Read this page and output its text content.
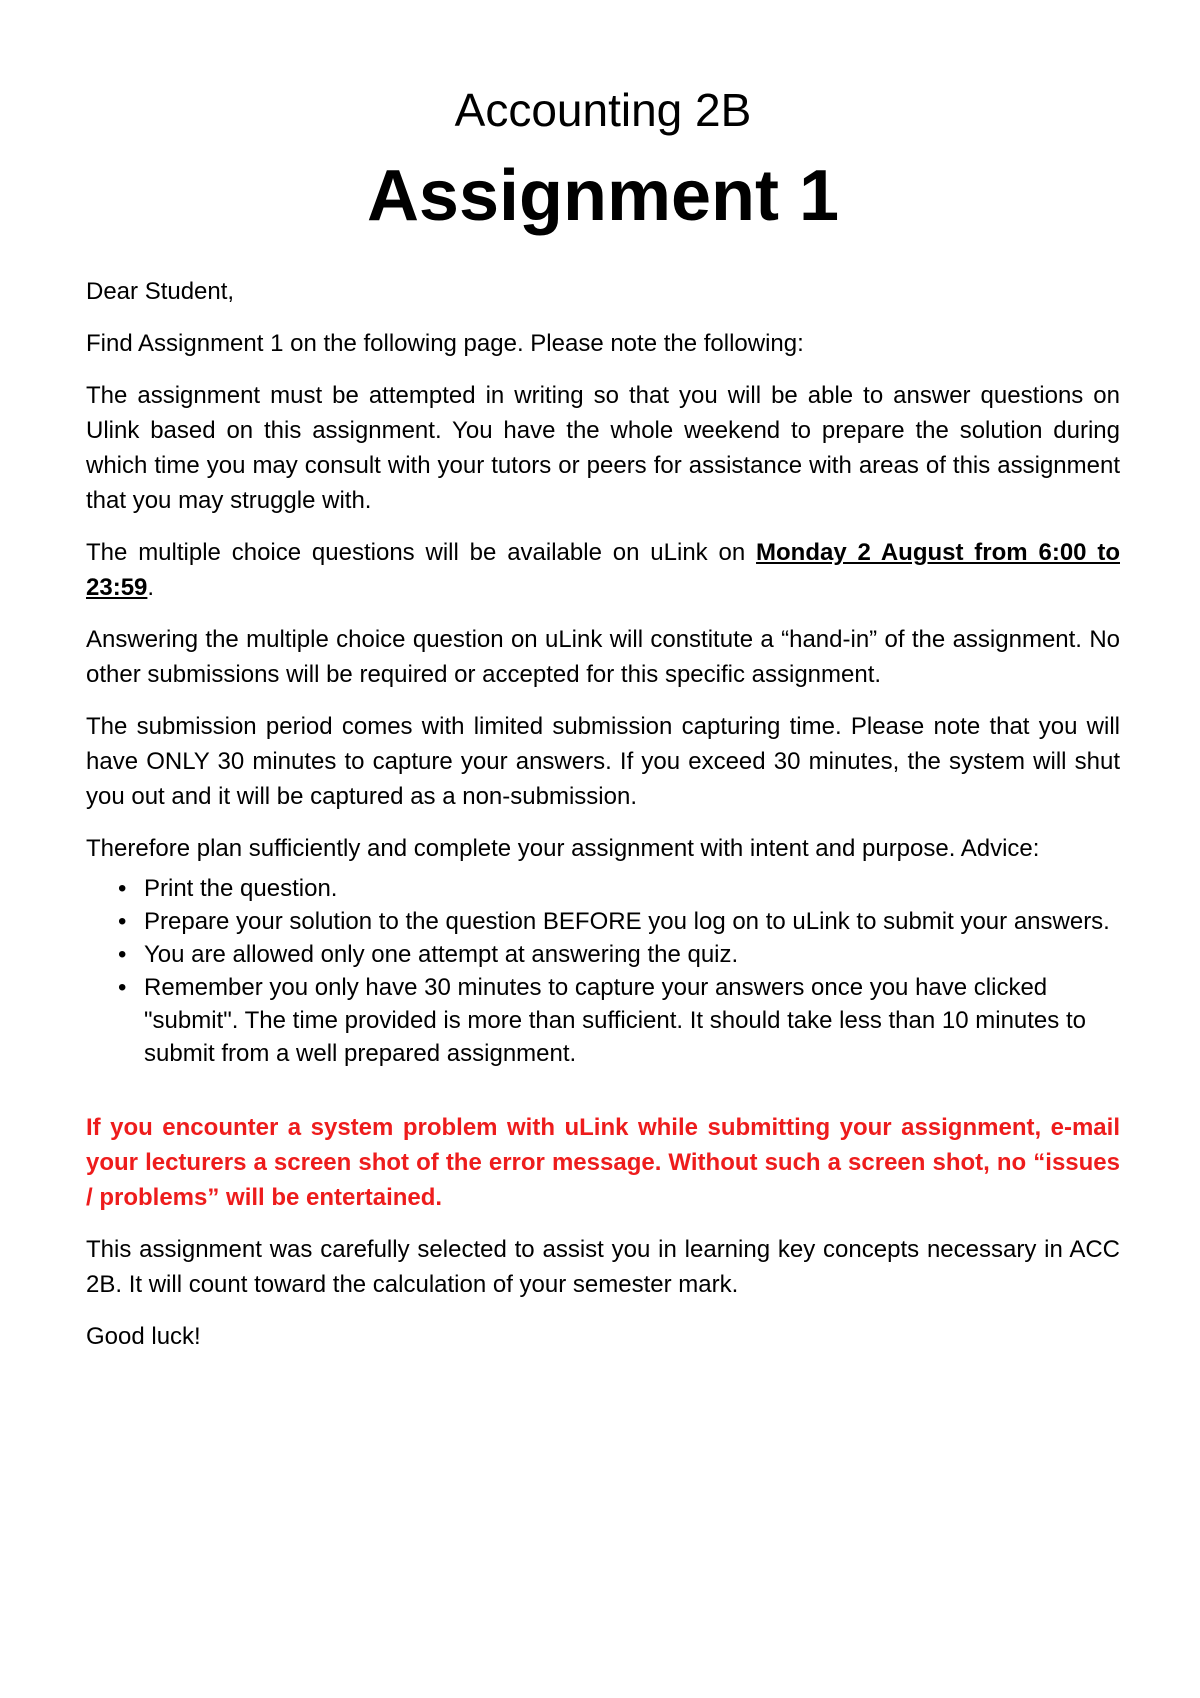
Accounting 2B
Assignment 1

Dear Student,

Find Assignment 1 on the following page. Please note the following:

The assignment must be attempted in writing so that you will be able to answer questions on Ulink based on this assignment. You have the whole weekend to prepare the solution during which time you may consult with your tutors or peers for assistance with areas of this assignment that you may struggle with.

The multiple choice questions will be available on uLink on Monday 2 August from 6:00 to 23:59.

Answering the multiple choice question on uLink will constitute a “hand-in” of the assignment. No other submissions will be required or accepted for this specific assignment.

The submission period comes with limited submission capturing time. Please note that you will have ONLY 30 minutes to capture your answers. If you exceed 30 minutes, the system will shut you out and it will be captured as a non-submission.

Therefore plan sufficiently and complete your assignment with intent and purpose. Advice:

• Print the question.
• Prepare your solution to the question BEFORE you log on to uLink to submit your answers.
• You are allowed only one attempt at answering the quiz.
• Remember you only have 30 minutes to capture your answers once you have clicked "submit". The time provided is more than sufficient. It should take less than 10 minutes to submit from a well prepared assignment.

If you encounter a system problem with uLink while submitting your assignment, e-mail your lecturers a screen shot of the error message. Without such a screen shot, no “issues / problems” will be entertained.

This assignment was carefully selected to assist you in learning key concepts necessary in ACC 2B. It will count toward the calculation of your semester mark.

Good luck!
